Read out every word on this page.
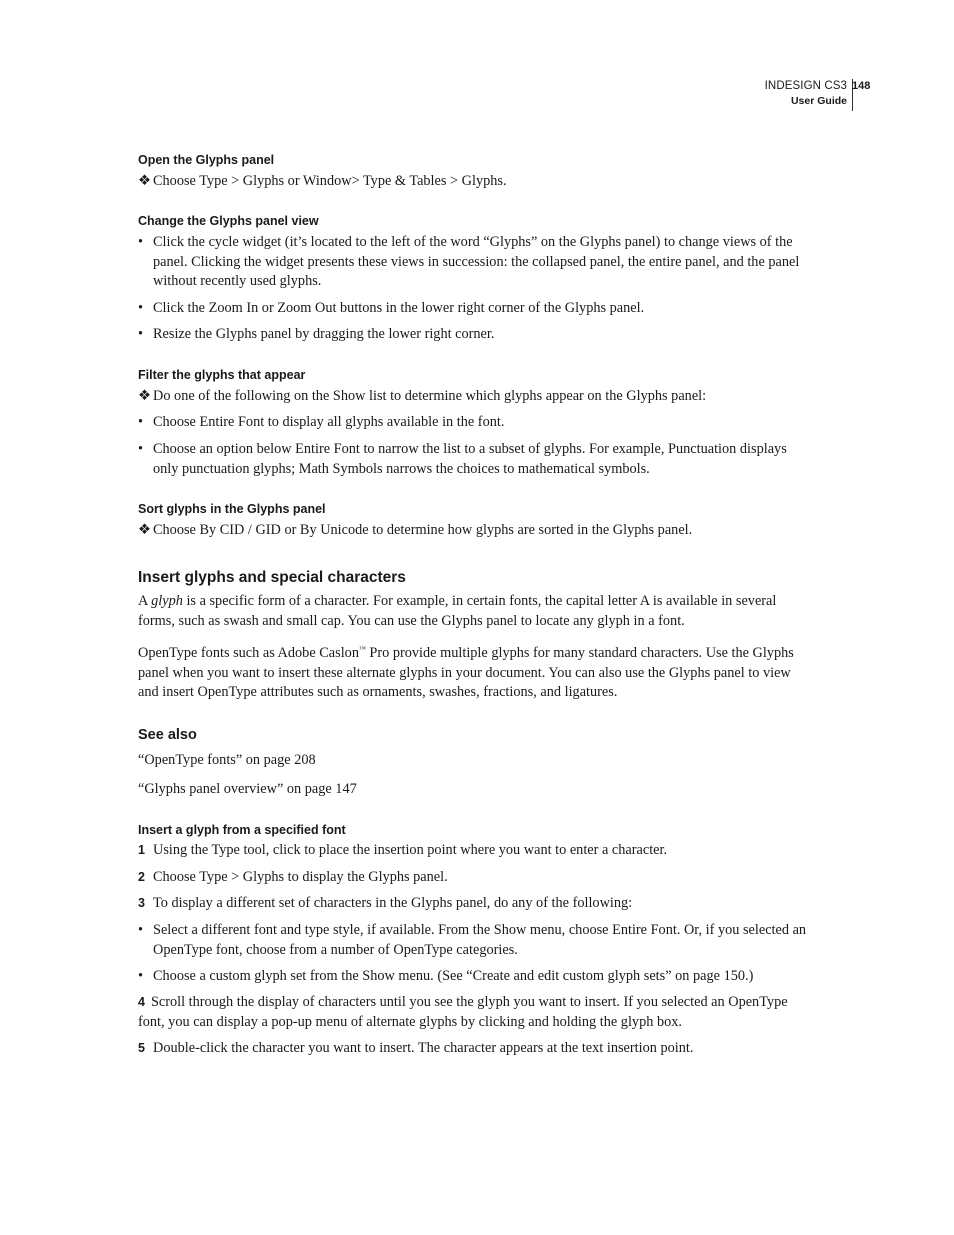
INDESIGN CS3
User Guide
148
Open the Glyphs panel
❖ Choose Type > Glyphs or Window> Type & Tables > Glyphs.
Change the Glyphs panel view
• Click the cycle widget (it’s located to the left of the word “Glyphs” on the Glyphs panel) to change views of the panel. Clicking the widget presents these views in succession: the collapsed panel, the entire panel, and the panel without recently used glyphs.
• Click the Zoom In or Zoom Out buttons in the lower right corner of the Glyphs panel.
• Resize the Glyphs panel by dragging the lower right corner.
Filter the glyphs that appear
❖ Do one of the following on the Show list to determine which glyphs appear on the Glyphs panel:
• Choose Entire Font to display all glyphs available in the font.
• Choose an option below Entire Font to narrow the list to a subset of glyphs. For example, Punctuation displays only punctuation glyphs; Math Symbols narrows the choices to mathematical symbols.
Sort glyphs in the Glyphs panel
❖ Choose By CID / GID or By Unicode to determine how glyphs are sorted in the Glyphs panel.
Insert glyphs and special characters

A glyph is a specific form of a character. For example, in certain fonts, the capital letter A is available in several forms, such as swash and small cap. You can use the Glyphs panel to locate any glyph in a font.

OpenType fonts such as Adobe Caslon™ Pro provide multiple glyphs for many standard characters. Use the Glyphs panel when you want to insert these alternate glyphs in your document. You can also use the Glyphs panel to view and insert OpenType attributes such as ornaments, swashes, fractions, and ligatures.

See also

“OpenType fonts” on page 208

“Glyphs panel overview” on page 147

Insert a glyph from a specified font
1 Using the Type tool, click to place the insertion point where you want to enter a character.
2 Choose Type > Glyphs to display the Glyphs panel.
3 To display a different set of characters in the Glyphs panel, do any of the following:
• Select a different font and type style, if available. From the Show menu, choose Entire Font. Or, if you selected an OpenType font, choose from a number of OpenType categories.
• Choose a custom glyph set from the Show menu. (See “Create and edit custom glyph sets” on page 150.)

4 Scroll through the display of characters until you see the glyph you want to insert. If you selected an OpenType font, you can display a pop-up menu of alternate glyphs by clicking and holding the glyph box.

5 Double-click the character you want to insert. The character appears at the text insertion point.
